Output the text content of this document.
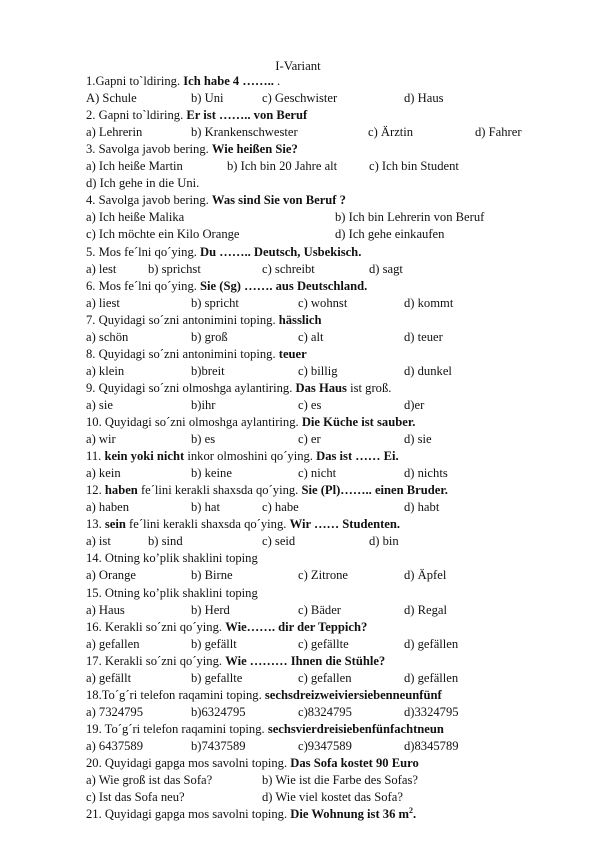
I-Variant
1.Gapni to`ldiring. Ich habe 4 …….. .
A) Schule	b) Uni	c) Geschwister	d) Haus
2. Gapni to`ldiring. Er ist …….. von Beruf
a) Lehrerin	b) Krankenschwester	c) Ärztin	d) Fahrer
3. Savolga javob bering. Wie heißen Sie?
a) Ich heiße Martin	b) Ich bin 20 Jahre alt	c) Ich bin Student
d) Ich gehe in die Uni.
4. Savolga javob bering. Was sind Sie von Beruf ?
a) Ich heiße Malika	b) Ich bin Lehrerin von Beruf
c) Ich möchte ein Kilo Orange	d) Ich gehe einkaufen
5. Mos fe´lni qo´ying. Du …….. Deutsch, Usbekisch.
a) lest	b) sprichst	c) schreibt	d) sagt
6. Mos fe´lni qo´ying. Sie (Sg) ……. aus Deutschland.
a) liest	b) spricht	c) wohnst	d) kommt
7. Quyidagi so´zni antonimini toping. hässlich
a) schön	b) groß	c) alt	d) teuer
8. Quyidagi so´zni antonimini toping. teuer
a) klein	b)breit	c) billig	d) dunkel
9. Quyidagi so´zni olmoshga aylantiring. Das Haus ist groß.
a) sie	b)ihr	c) es	d)er
10. Quyidagi so´zni olmoshga aylantiring. Die Küche ist sauber.
a) wir	b) es	c) er	d) sie
11. kein yoki nicht inkor olmoshini qo´ying. Das ist …… Ei.
a) kein	b) keine	c) nicht	d) nichts
12. haben fe´lini kerakli shaxsda qo´ying. Sie (Pl)…….. einen Bruder.
a) haben	b) hat	c) habe	d) habt
13. sein fe´lini kerakli shaxsda qo´ying. Wir …… Studenten.
a) ist	b) sind	c) seid	d) bin
14. Otning ko’plik shaklini toping
a) Orange	b) Birne	c) Zitrone	d) Äpfel
15. Otning ko’plik shaklini toping
a) Haus	b) Herd	c) Bäder	d) Regal
16. Kerakli so´zni qo´ying. Wie……. dir der Teppich?
a) gefallen	b) gefällt	c) gefällte	d) gefällen
17. Kerakli so´zni qo´ying. Wie ……… Ihnen die Stühle?
a) gefällt	b) gefallte	c) gefallen	d) gefällen
18.To´g´ri telefon raqamini toping. sechsdreizweiviersiebenneunfünf
a) 7324795	b)6324795	c)8324795	d)3324795
19. To´g´ri telefon raqamini toping. sechsvierdreisiebenfünfachtneun
a) 6437589	b)7437589	c)9347589	d)8345789
20. Quyidagi gapga mos savolni toping. Das Sofa kostet 90 Euro
a) Wie groß ist das Sofa?	b) Wie ist die Farbe des Sofas?
c) Ist das Sofa neu?	d) Wie viel kostet das Sofa?
21. Quyidagi gapga mos savolni toping. Die Wohnung ist 36 $m^2$.
